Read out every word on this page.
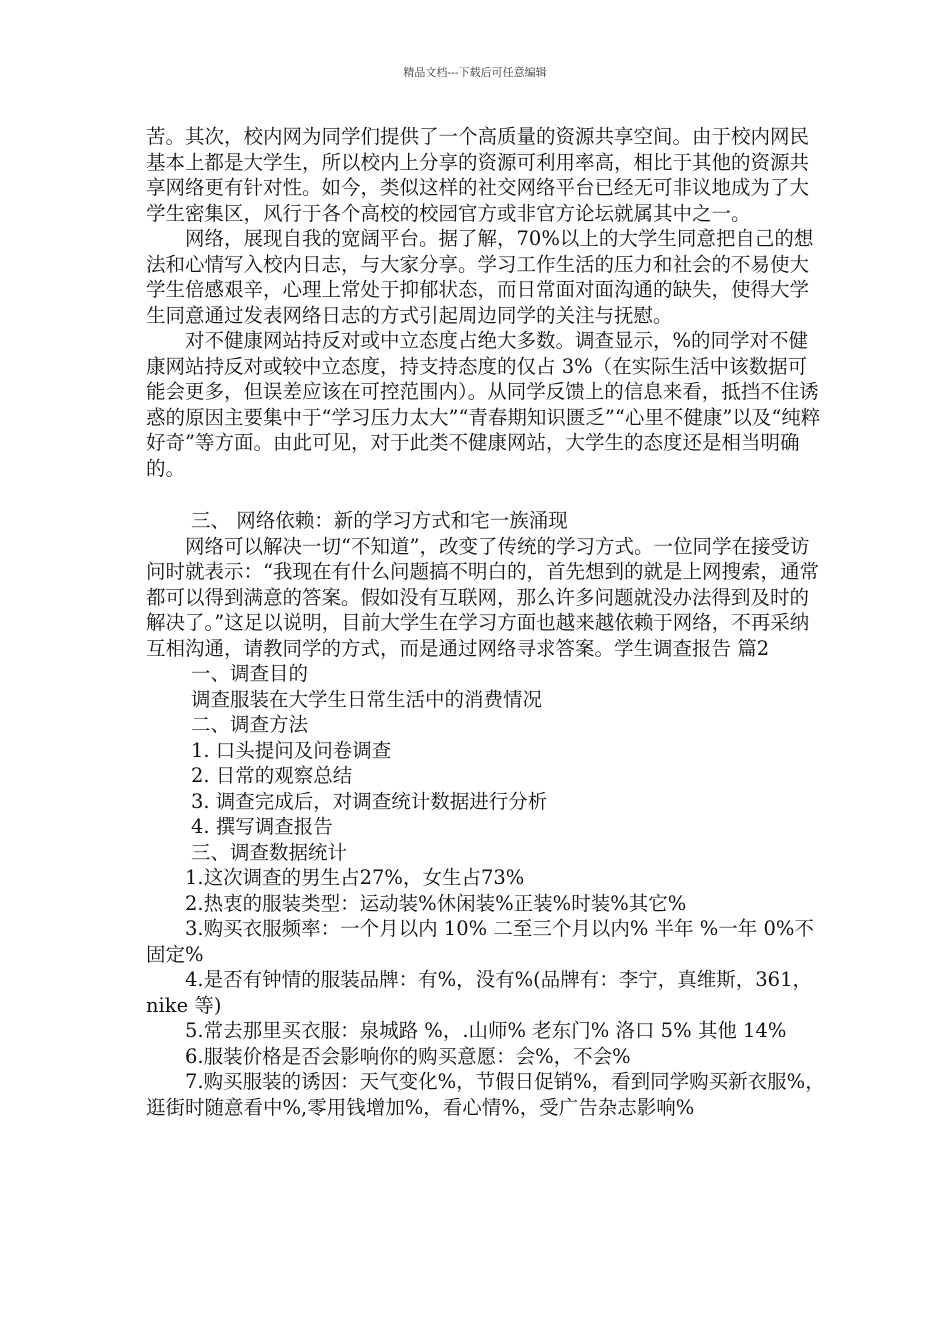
精品文档---下载后可任意编辑

苦。其次，校内网为同学们提供了一个高质量的资源共享空间。由于校内网民基本上都是大学生，所以校内上分享的资源可利用率高，相比于其他的资源共享网络更有针对性。如今，类似这样的社交网络平台已经无可非议地成为了大学生密集区，风行于各个高校的校园官方或非官方论坛就属其中之一。

网络，展现自我的宽阔平台。据了解，70%以上的大学生同意把自己的想法和心情写入校内日志，与大家分享。学习工作生活的压力和社会的不易使大学生倍感艰辛，心理上常处于抑郁状态，而日常面对面沟通的缺失，使得大学生同意通过发表网络日志的方式引起周边同学的关注与抚慰。

对不健康网站持反对或中立态度占绝大多数。调查显示，%的同学对不健康网站持反对或较中立态度，持支持态度的仅占 3%（在实际生活中该数据可能会更多，但误差应该在可控范围内）。从同学反馈上的信息来看，抵挡不住诱惑的原因主要集中于“学习压力太大”“青春期知识匮乏”“心里不健康”以及“纯粹好奇”等方面。由此可见，对于此类不健康网站，大学生的态度还是相当明确的。

三、 网络依赖：新的学习方式和宅一族涌现

网络可以解决一切“不知道”，改变了传统的学习方式。一位同学在接受访问时就表示：“我现在有什么问题搞不明白的，首先想到的就是上网搜索，通常都可以得到满意的答案。假如没有互联网，那么许多问题就没办法得到及时的解决了。”这足以说明，目前大学生在学习方面也越来越依赖于网络，不再采纳互相沟通，请教同学的方式，而是通过网络寻求答案。学生调查报告 篇2

一、调查目的

调查服装在大学生日常生活中的消费情况

二、调查方法

1. 口头提问及问卷调查

2. 日常的观察总结

3. 调查完成后，对调查统计数据进行分析

4. 撰写调查报告

三、调查数据统计

1.这次调查的男生占27%，女生占73%

2.热衷的服装类型：运动装%休闲装%正装%时装%其它%

3.购买衣服频率：一个月以内 10% 二至三个月以内% 半年 %一年 0%不固定%

4.是否有钟情的服装品牌：有%，没有%(品牌有：李宁，真维斯，361，nike 等)

5.常去那里买衣服：泉城路 %，.山师% 老东门% 洛口 5% 其他 14%

6.服装价格是否会影响你的购买意愿：会%，不会%

7.购买服装的诱因：天气变化%，节假日促销%，看到同学购买新衣服%，逛街时随意看中%,零用钱增加%，看心情%，受广告杂志影响%
